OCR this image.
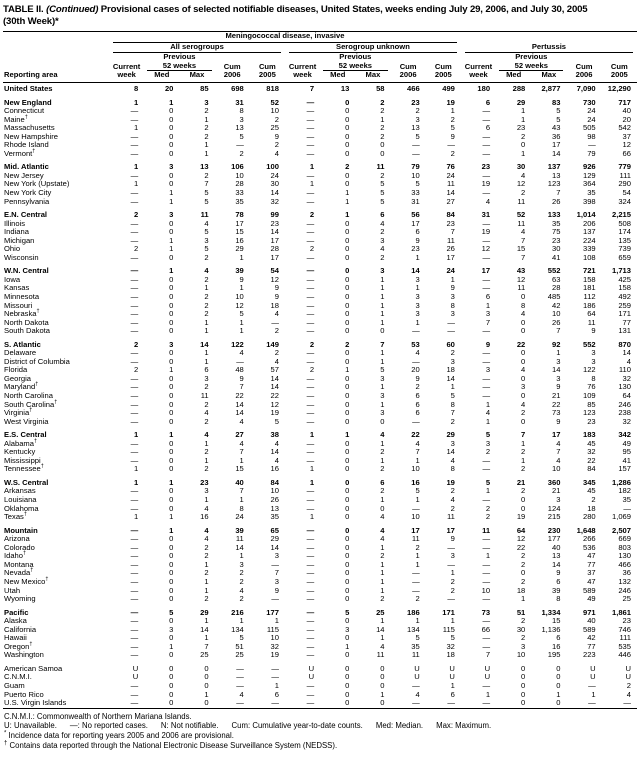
TABLE II. (Continued) Provisional cases of selected notifiable diseases, United States, weeks ending July 29, 2006, and July 30, 2005
(30th Week)*

	Meningococcal disease, invasive														

	All serogroups					Serogroup unknown					Pertussis				

		Previous					Previous					Previous			
	Current	52 weeks		Cum	Cum	Current	52 weeks		Cum	Cum	Current	52 weeks		Cum	Cum
Reporting area	week	Med	Max	2006	2005	week	Med	Max	2006	2005	week	Med	Max	2006	2005
United States	8	20	85	698	818	7	13	58	466	499	180	288	2,877	7,090	12,290

New England	1	1	3	31	52	—	0	2	23	19	6	29	83	730	717
Connecticut	—	0	2	8	10	—	0	2	2	1	—	1	5	24	40
Maine†	—	0	1	3	2	—	0	1	3	2	—	1	5	24	20
Massachusetts	1	0	2	13	25	—	0	2	13	5	6	23	43	505	542
New Hampshire	—	0	2	5	9	—	0	2	5	9	—	2	36	98	37
Rhode Island	—	0	1	—	2	—	0	0	—	—	—	0	17	—	12
Vermont†	—	0	1	2	4	—	0	0	—	2	—	1	14	79	66

Mid. Atlantic	1	3	13	106	100	1	2	11	79	76	23	30	137	926	779
New Jersey	—	0	2	10	24	—	0	2	10	24	—	4	13	129	111
New York (Upstate)	1	0	7	28	30	1	0	5	5	11	19	12	123	364	290
New York City	—	1	5	33	14	—	1	5	33	14	—	2	7	35	54
Pennsylvania	—	1	5	35	32	—	1	5	31	27	4	11	26	398	324

E.N. Central	2	3	11	78	99	2	1	6	56	84	31	52	133	1,014	2,215
Illinois	—	0	4	17	23	—	0	4	17	23	—	11	35	206	508
Indiana	—	0	5	15	14	—	0	2	6	7	19	4	75	137	174
Michigan	—	1	3	16	17	—	0	3	9	11	—	7	23	224	135
Ohio	2	1	5	29	28	2	0	4	23	26	12	15	30	339	739
Wisconsin	—	0	2	1	17	—	0	2	1	17	—	7	41	108	659

W.N. Central	—	1	4	39	54	—	0	3	14	24	17	43	552	721	1,713
Iowa	—	0	2	9	12	—	0	1	3	1	—	12	63	158	425
Kansas	—	0	1	1	9	—	0	1	1	9	—	11	28	181	158
Minnesota	—	0	2	10	9	—	0	1	3	3	6	0	485	112	492
Missouri	—	0	2	12	18	—	0	1	3	8	1	8	42	186	259
Nebraska†	—	0	2	5	4	—	0	1	3	3	3	4	10	64	171
North Dakota	—	0	1	1	—	—	0	1	1	—	7	0	26	11	77
South Dakota	—	0	1	1	2	—	0	0	—	—	—	0	7	9	131

S. Atlantic	2	3	14	122	149	2	2	7	53	60	9	22	92	552	870
Delaware	—	0	1	4	2	—	0	1	4	2	—	0	1	3	14
District of Columbia	—	0	1	—	4	—	0	1	—	3	—	0	3	3	4
Florida	2	1	6	48	57	2	1	5	20	18	3	4	14	122	110
Georgia	—	0	3	9	14	—	0	3	9	14	—	0	3	8	32
Maryland†	—	0	2	7	14	—	0	1	2	1	—	3	9	76	130
North Carolina	—	0	11	22	22	—	0	3	6	5	—	0	21	109	64
South Carolina†	—	0	2	14	12	—	0	1	6	8	1	4	22	85	246
Virginia†	—	0	4	14	19	—	0	3	6	7	4	2	73	123	238
West Virginia	—	0	2	4	5	—	0	0	—	2	1	0	9	23	32

E.S. Central	1	1	4	27	38	1	1	4	22	29	5	7	17	183	342
Alabama†	—	0	1	4	4	—	0	1	4	3	3	1	4	45	49
Kentucky	—	0	2	7	14	—	0	2	7	14	2	2	7	32	95
Mississippi	—	0	1	1	4	—	0	1	1	4	—	1	4	22	41
Tennessee†	1	0	2	15	16	1	0	2	10	8	—	2	10	84	157

W.S. Central	1	1	23	40	84	1	0	6	16	19	5	21	360	345	1,286
Arkansas	—	0	3	7	10	—	0	2	5	2	1	2	21	45	182
Louisiana	—	0	1	1	26	—	0	1	1	4	—	0	3	2	35
Oklahoma	—	0	4	8	13	—	0	0	—	2	2	0	124	18	—
Texas†	1	1	16	24	35	1	0	4	10	11	2	19	215	280	1,069

Mountain	—	1	4	39	65	—	0	4	17	17	11	64	230	1,648	2,507
Arizona	—	0	4	11	29	—	0	4	11	9	—	12	177	266	669
Colorado	—	0	2	14	14	—	0	1	2	—	—	22	40	536	803
Idaho†	—	0	2	1	3	—	0	2	1	3	1	2	13	47	130
Montana	—	0	1	3	—	—	0	1	1	—	—	2	14	77	466
Nevada†	—	0	2	2	7	—	0	1	—	1	—	0	9	37	36
New Mexico†	—	0	1	2	3	—	0	1	—	2	—	2	6	47	132
Utah	—	0	1	4	9	—	0	1	—	2	10	18	39	589	246
Wyoming	—	0	2	2	—	—	0	2	2	—	—	1	8	49	25

Pacific	—	5	29	216	177	—	5	25	186	171	73	51	1,334	971	1,861
Alaska	—	0	1	1	1	—	0	1	1	1	—	2	15	40	23
California	—	3	14	134	115	—	3	14	134	115	66	30	1,136	589	746
Hawaii	—	0	1	5	10	—	0	1	5	5	—	2	6	42	111
Oregon†	—	1	7	51	32	—	1	4	35	32	—	3	16	77	535
Washington	—	0	25	25	19	—	0	11	11	18	7	10	195	223	446

American Samoa	U	0	0	—	—	U	0	0	U	U	U	0	0	U	U
C.N.M.I.	U	0	0	—	—	U	0	0	U	U	U	0	0	U	U
Guam	—	0	0	—	1	—	0	0	—	1	—	0	0	—	2
Puerto Rico	—	0	1	4	6	—	0	1	4	6	1	0	1	1	4
U.S. Virgin Islands	—	0	0	—	—	—	0	0	—	—	—	0	0	—	—
C.N.M.I.: Commonwealth of Northern Mariana Islands.
U: Unavailable. —: No reported cases. N: Not notifiable. Cum: Cumulative year-to-date counts. Med: Median. Max: Maximum.
* Incidence data for reporting years 2005 and 2006 are provisional.
† Contains data reported through the National Electronic Disease Surveillance System (NEDSS).
